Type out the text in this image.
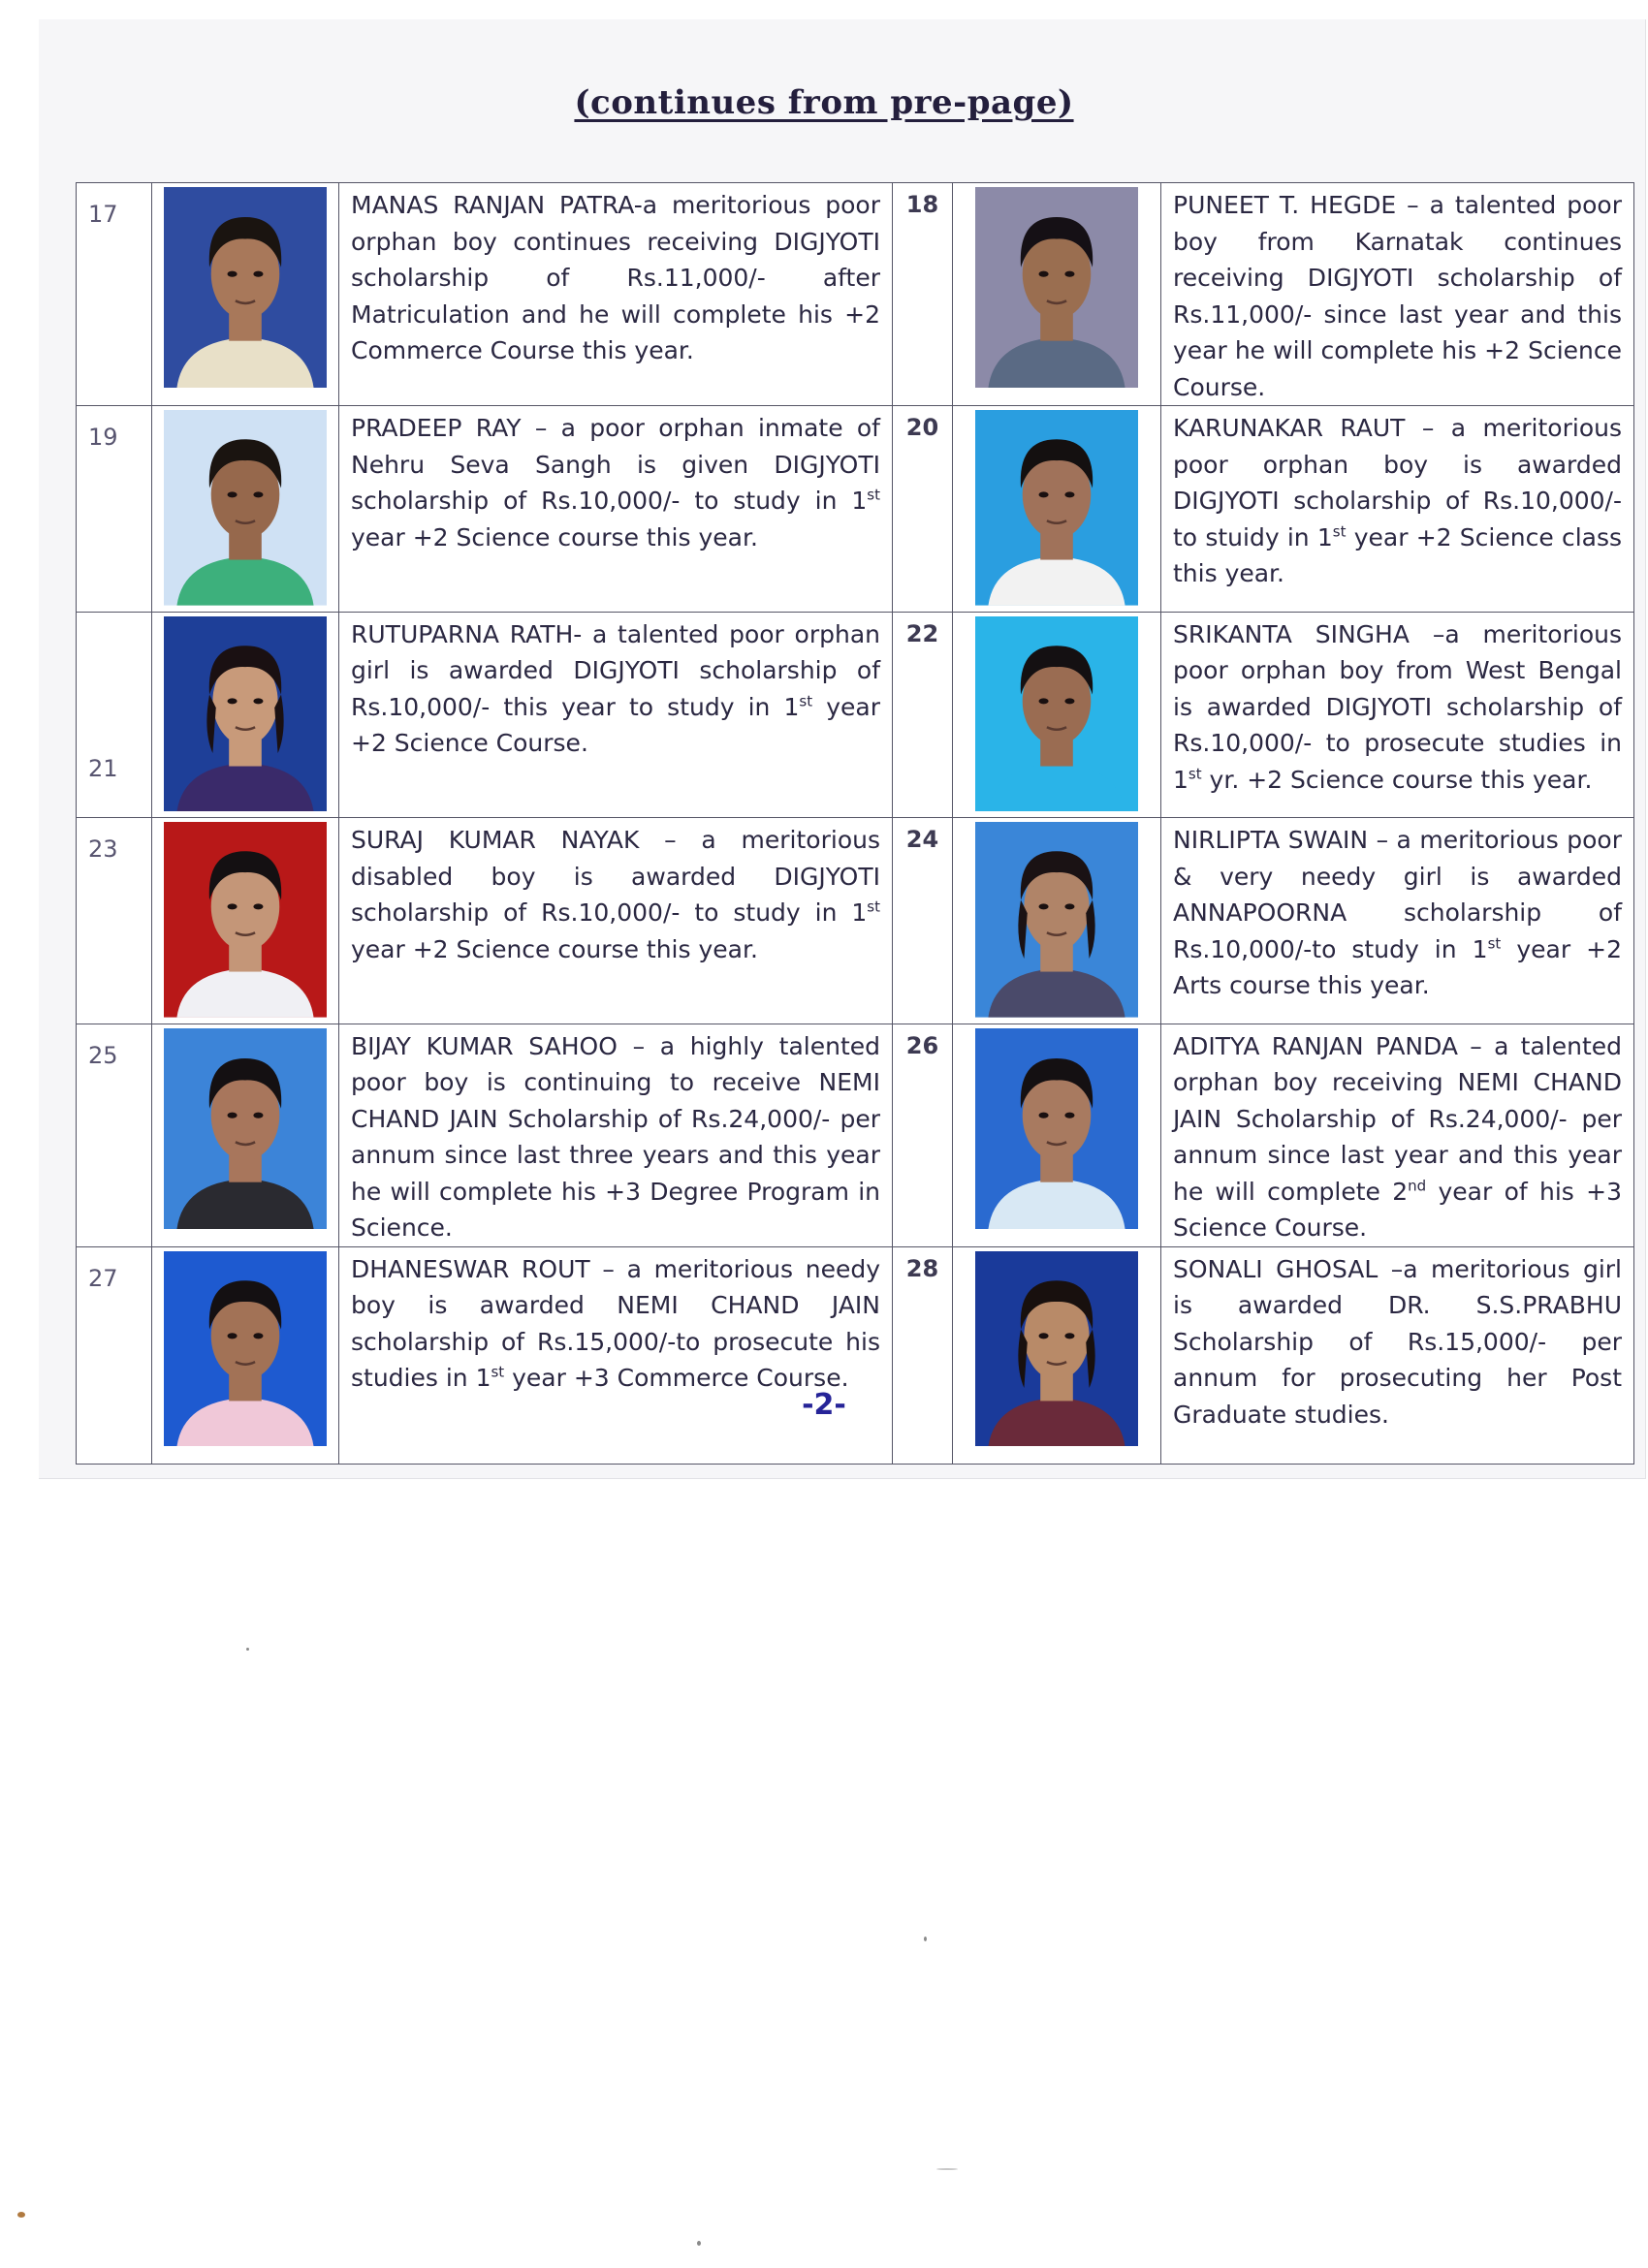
(continues from pre-page)
17		MANAS RANJAN PATRA-a meritorious poor orphan boy continues receiving DIGJYOTI scholarship of Rs.11,000/- after Matriculation and he will complete his +2 Commerce Course this year.	18		PUNEET T. HEGDE – a talented poor boy from Karnatak continues receiving DIGJYOTI scholarship of Rs.11,000/- since last year and this year he will complete his +2 Science Course.
19		PRADEEP RAY – a poor orphan inmate of Nehru Seva Sangh is given DIGJYOTI scholarship of Rs.10,000/- to study in 1st year +2 Science course this year.	20		KARUNAKAR RAUT – a meritorious poor orphan boy is awarded DIGJYOTI scholarship of Rs.10,000/- to stuidy in 1st year +2 Science class this year.
21		RUTUPARNA RATH- a talented poor orphan girl is awarded DIGJYOTI scholarship of Rs.10,000/- this year to study in 1st year +2 Science Course.	22		SRIKANTA SINGHA –a meritorious poor orphan boy from West Bengal is awarded DIGJYOTI scholarship of Rs.10,000/- to prosecute studies in 1st yr. +2 Science course this year.
23		SURAJ KUMAR NAYAK – a meritorious disabled boy is awarded DIGJYOTI scholarship of Rs.10,000/- to study in 1st year +2 Science course this year.	24		NIRLIPTA SWAIN – a meritorious poor & very needy girl is awarded ANNAPOORNA scholarship of Rs.10,000/-to study in 1st year +2 Arts course this year.
25		BIJAY KUMAR SAHOO – a highly talented poor boy is continuing to receive NEMI CHAND JAIN Scholarship of Rs.24,000/- per annum since last three years and this year he will complete his +3 Degree Program in Science.	26		ADITYA RANJAN PANDA – a talented orphan boy receiving NEMI CHAND JAIN Scholarship of Rs.24,000/- per annum since last year and this year he will complete 2nd year of his +3 Science Course.
27		DHANESWAR ROUT – a meritorious needy boy is awarded NEMI CHAND JAIN scholarship of Rs.15,000/-to prosecute his studies in 1st year +3 Commerce Course.	28		SONALI GHOSAL –a meritorious girl is awarded DR. S.S.PRABHU Scholarship of Rs.15,000/- per annum for prosecuting her Post Graduate studies.
-2-
